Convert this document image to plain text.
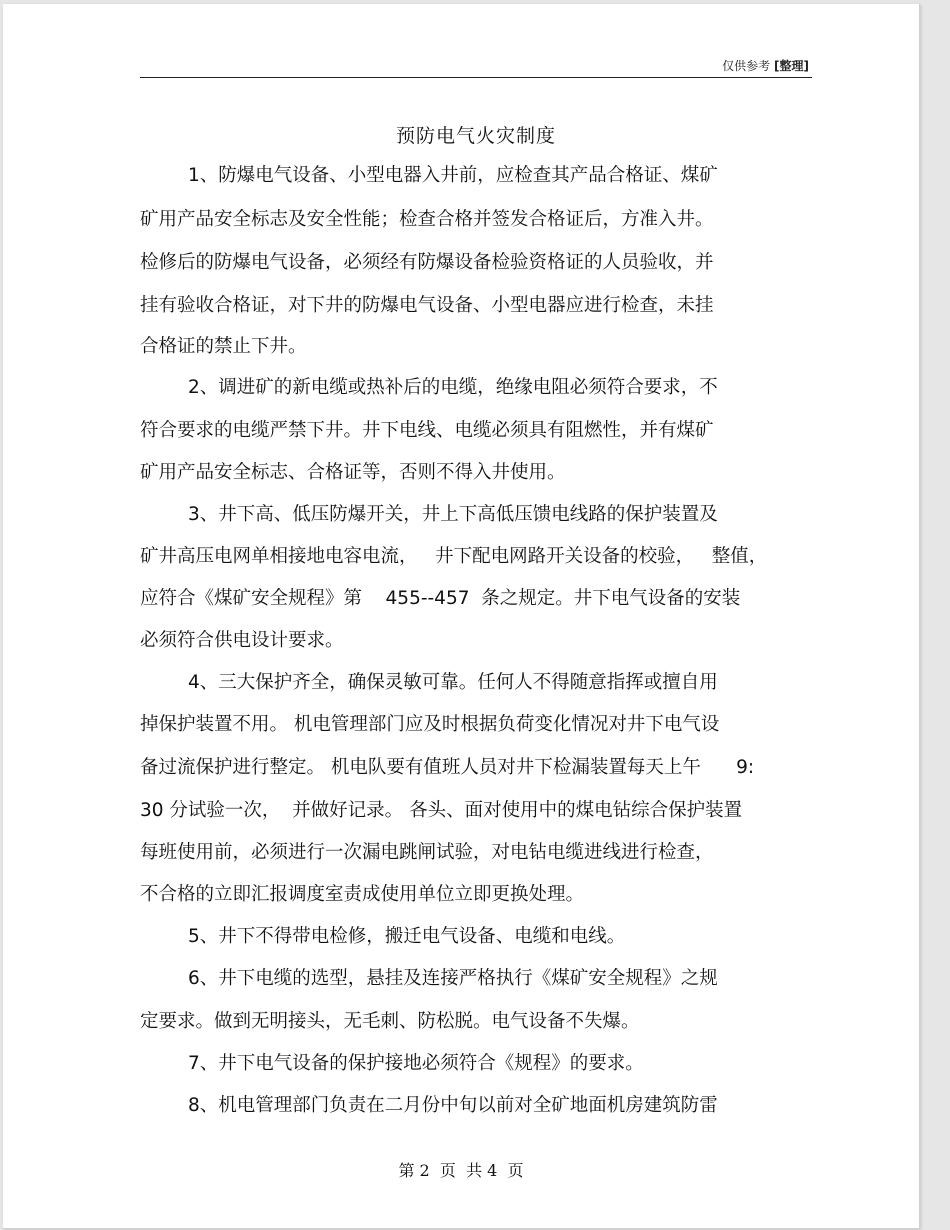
仅供参考 [整理]
预防电气火灾制度
1、防爆电气设备、小型电器入井前，应检查其产品合格证、煤矿
矿用产品安全标志及安全性能；检查合格并签发合格证后，方准入井。
检修后的防爆电气设备，必须经有防爆设备检验资格证的人员验收，并
挂有验收合格证，对下井的防爆电气设备、小型电器应进行检查，未挂
合格证的禁止下井。
2、调进矿的新电缆或热补后的电缆，绝缘电阻必须符合要求，不
符合要求的电缆严禁下井。井下电线、电缆必须具有阻燃性，并有煤矿
矿用产品安全标志、合格证等，否则不得入井使用。
3、井下高、低压防爆开关，井上下高低压馈电线路的保护装置及
矿井高压电网单相接地电容电流，   井下配电网路开关设备的校验，   整值，
应符合《煤矿安全规程》第    455--457  条之规定。井下电气设备的安装
必须符合供电设计要求。
4、三大保护齐全，确保灵敏可靠。任何人不得随意指挥或擅自用
掉保护装置不用。 机电管理部门应及时根据负荷变化情况对井下电气设
备过流保护进行整定。 机电队要有值班人员对井下检漏装置每天上午      9:
30 分试验一次，  并做好记录。 各头、面对使用中的煤电钻综合保护装置
每班使用前，必须进行一次漏电跳闸试验，对电钻电缆进线进行检查，
不合格的立即汇报调度室责成使用单位立即更换处理。
5、井下不得带电检修，搬迁电气设备、电缆和电线。
6、井下电缆的选型，悬挂及连接严格执行《煤矿安全规程》之规
定要求。做到无明接头，无毛刺、防松脱。电气设备不失爆。
7、井下电气设备的保护接地必须符合《规程》的要求。
8、机电管理部门负责在二月份中旬以前对全矿地面机房建筑防雷
第 2  页  共 4  页
